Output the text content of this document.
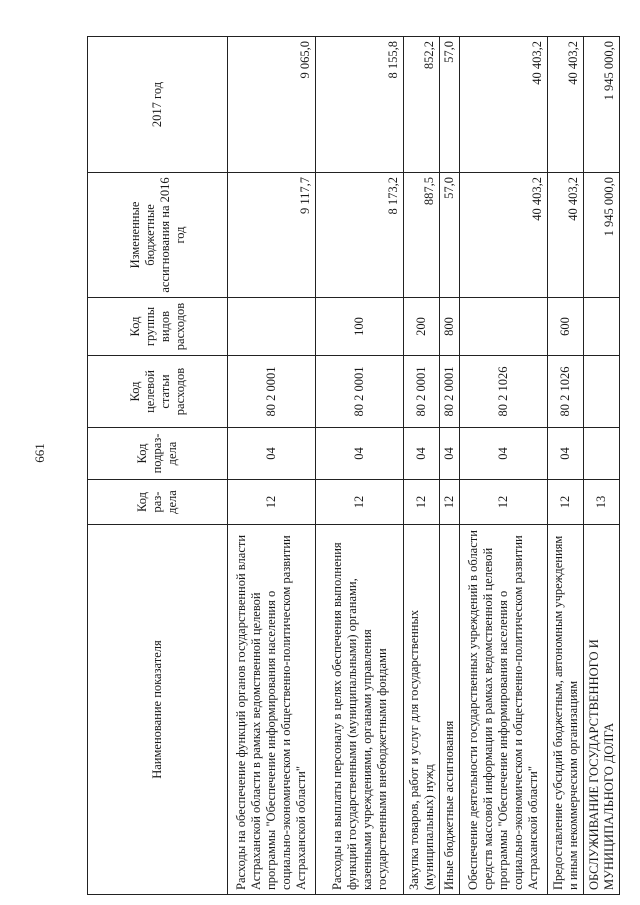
661
Наименование показателя	Код раз-дела	Код подраз-дела	Код целевой статьи расходов	Код группы видов расходов	Измененные бюджетные ассигнования на 2016 год	2017 год
Расходы на обеспечение функций органов государственной власти Астраханской области в рамках ведомственной целевой программы "Обеспечение информирования населения о социально-экономическом и общественно-политическом развитии Астраханской области"	12	04	80 2 0001		9 117,7	9 065,0
Расходы на выплаты персоналу в целях обеспечения выполнения функций государственными (муниципальными) органами, казенными учреждениями, органами управления государственными внебюджетными фондами	12	04	80 2 0001	100	8 173,2	8 155,8
Закупка товаров, работ и услуг для государственных (муниципальных) нужд	12	04	80 2 0001	200	887,5	852,2
Иные бюджетные ассигнования	12	04	80 2 0001	800	57,0	57,0
Обеспечение деятельности государственных учреждений в области средств массовой информации в рамках ведомственной целевой программы "Обеспечение информирования населения о социально-экономическом и общественно-политическом развитии Астраханской области"	12	04	80 2 1026		40 403,2	40 403,2
Предоставление субсидий бюджетным, автономным учреждениям и иным некоммерческим организациям	12	04	80 2 1026	600	40 403,2	40 403,2
ОБСЛУЖИВАНИЕ ГОСУДАРСТВЕННОГО И МУНИЦИПАЛЬНОГО ДОЛГА	13				1 945 000,0	1 945 000,0
